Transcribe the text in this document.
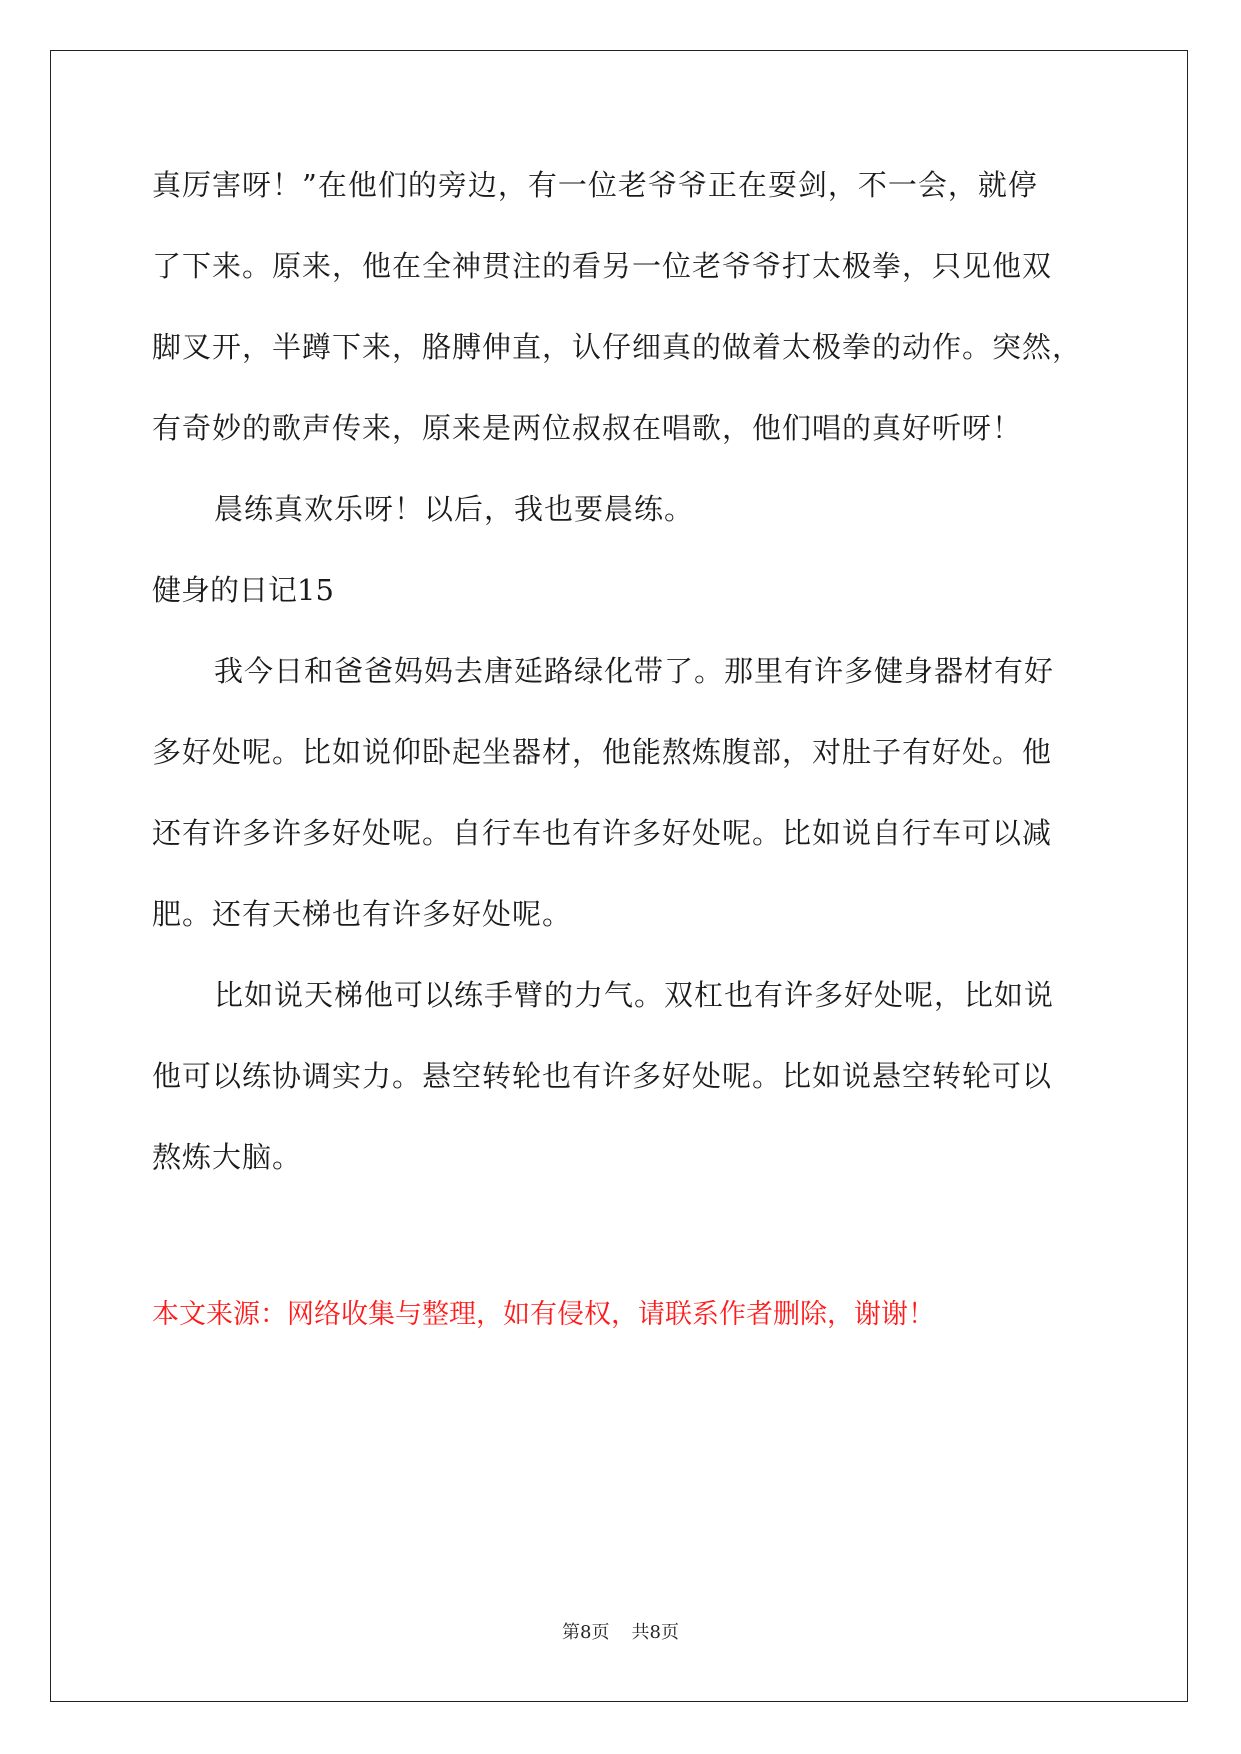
真厉害呀！”在他们的旁边，有一位老爷爷正在耍剑，不一会，就停
了下来。原来，他在全神贯注的看另一位老爷爷打太极拳，只见他双
脚叉开，半蹲下来，胳膊伸直，认仔细真的做着太极拳的动作。突然，
有奇妙的歌声传来，原来是两位叔叔在唱歌，他们唱的真好听呀！
晨练真欢乐呀！以后，我也要晨练。
健身的日记15
我今日和爸爸妈妈去唐延路绿化带了。那里有许多健身器材有好
多好处呢。比如说仰卧起坐器材，他能熬炼腹部，对肚子有好处。他
还有许多许多好处呢。自行车也有许多好处呢。比如说自行车可以减
肥。还有天梯也有许多好处呢。
比如说天梯他可以练手臂的力气。双杠也有许多好处呢，比如说
他可以练协调实力。悬空转轮也有许多好处呢。比如说悬空转轮可以
熬炼大脑。
本文来源：网络收集与整理，如有侵权，请联系作者删除，谢谢！
第8页 共8页
